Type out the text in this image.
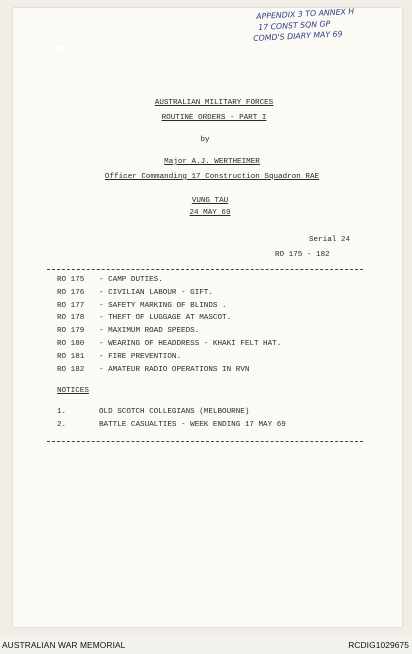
APPENDIX 3 TO ANNEX H
17 CONST SQN GP
COMD'S DIARY MAY 69
AUSTRALIAN MILITARY FORCES
ROUTINE ORDERS - PART I
by
Major A.J. WERTHEIMER
Officer Commanding 17 Construction Squadron RAE
VUNG TAU
24 MAY 69
Serial 24
RO 175 - 182
RO 175 - CAMP DUTIES.
RO 176 - CIVILIAN LABOUR - GIFT.
RO 177 - SAFETY MARKING OF BLINDS .
RO 178 - THEFT OF LUGGAGE AT MASCOT.
RO 179 - MAXIMUM ROAD SPEEDS.
RO 180 - WEARING OF HEADDRESS - KHAKI FELT HAT.
RO 181 - FIRE PREVENTION.
RO 182 - AMATEUR RADIO OPERATIONS IN RVN
NOTICES
1.	OLD SCOTCH COLLEGIANS (MELBOURNE)
2.	BATTLE CASUALTIES - WEEK ENDING 17 MAY 69
AUSTRALIAN WAR MEMORIAL	RCDIG1029675
